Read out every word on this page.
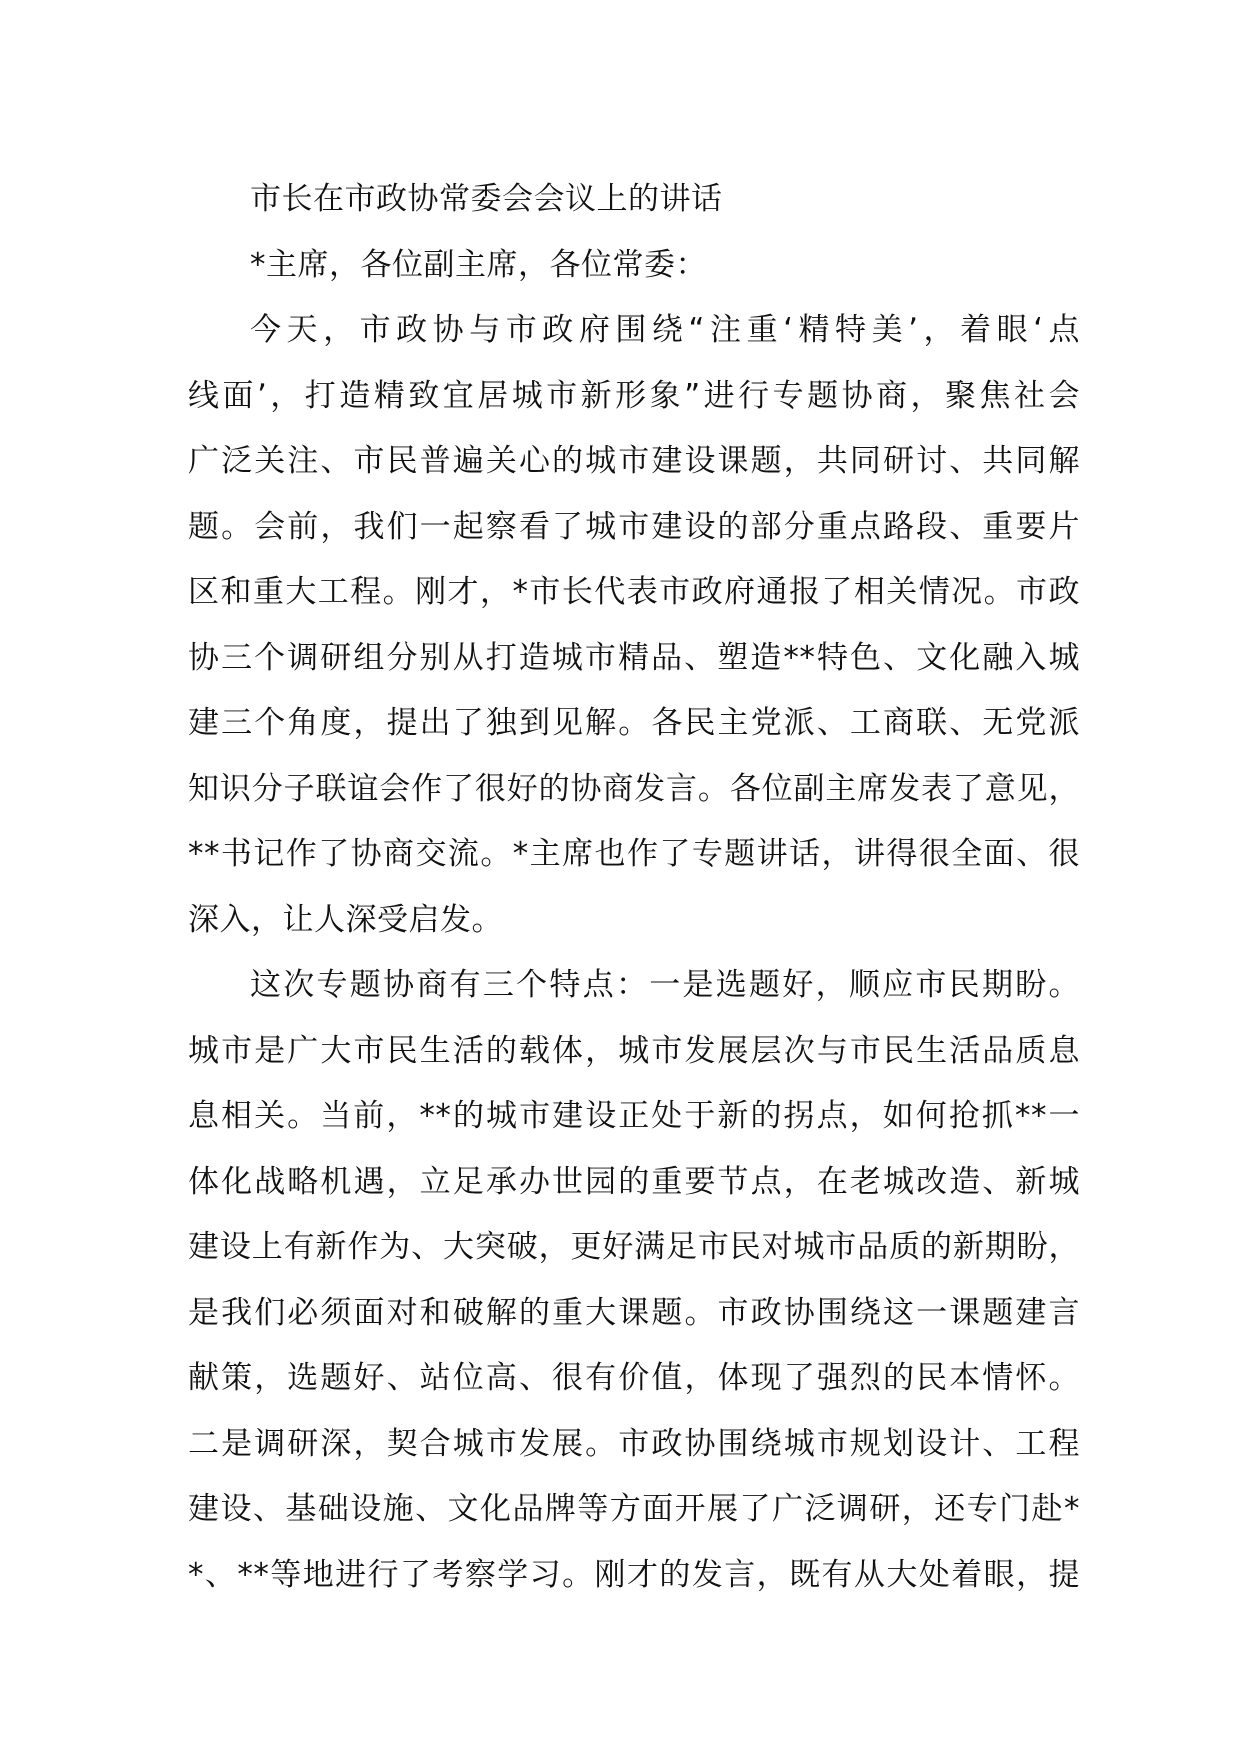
市长在市政协常委会会议上的讲话
*主席，各位副主席，各位常委：
今天，市政协与市政府围绕“注重‘精特美’，着眼‘点
线面’，打造精致宜居城市新形象”进行专题协商，聚焦社会
广泛关注、市民普遍关心的城市建设课题，共同研讨、共同解
题。会前，我们一起察看了城市建设的部分重点路段、重要片
区和重大工程。刚才，*市长代表市政府通报了相关情况。市政
协三个调研组分别从打造城市精品、塑造**特色、文化融入城
建三个角度，提出了独到见解。各民主党派、工商联、无党派
知识分子联谊会作了很好的协商发言。各位副主席发表了意见，
**书记作了协商交流。*主席也作了专题讲话，讲得很全面、很
深入，让人深受启发。
这次专题协商有三个特点：一是选题好，顺应市民期盼。
城市是广大市民生活的载体，城市发展层次与市民生活品质息
息相关。当前，**的城市建设正处于新的拐点，如何抢抓**一
体化战略机遇，立足承办世园的重要节点，在老城改造、新城
建设上有新作为、大突破，更好满足市民对城市品质的新期盼，
是我们必须面对和破解的重大课题。市政协围绕这一课题建言
献策，选题好、站位高、很有价值，体现了强烈的民本情怀。
二是调研深，契合城市发展。市政协围绕城市规划设计、工程
建设、基础设施、文化品牌等方面开展了广泛调研，还专门赴*
*、**等地进行了考察学习。刚才的发言，既有从大处着眼，提
